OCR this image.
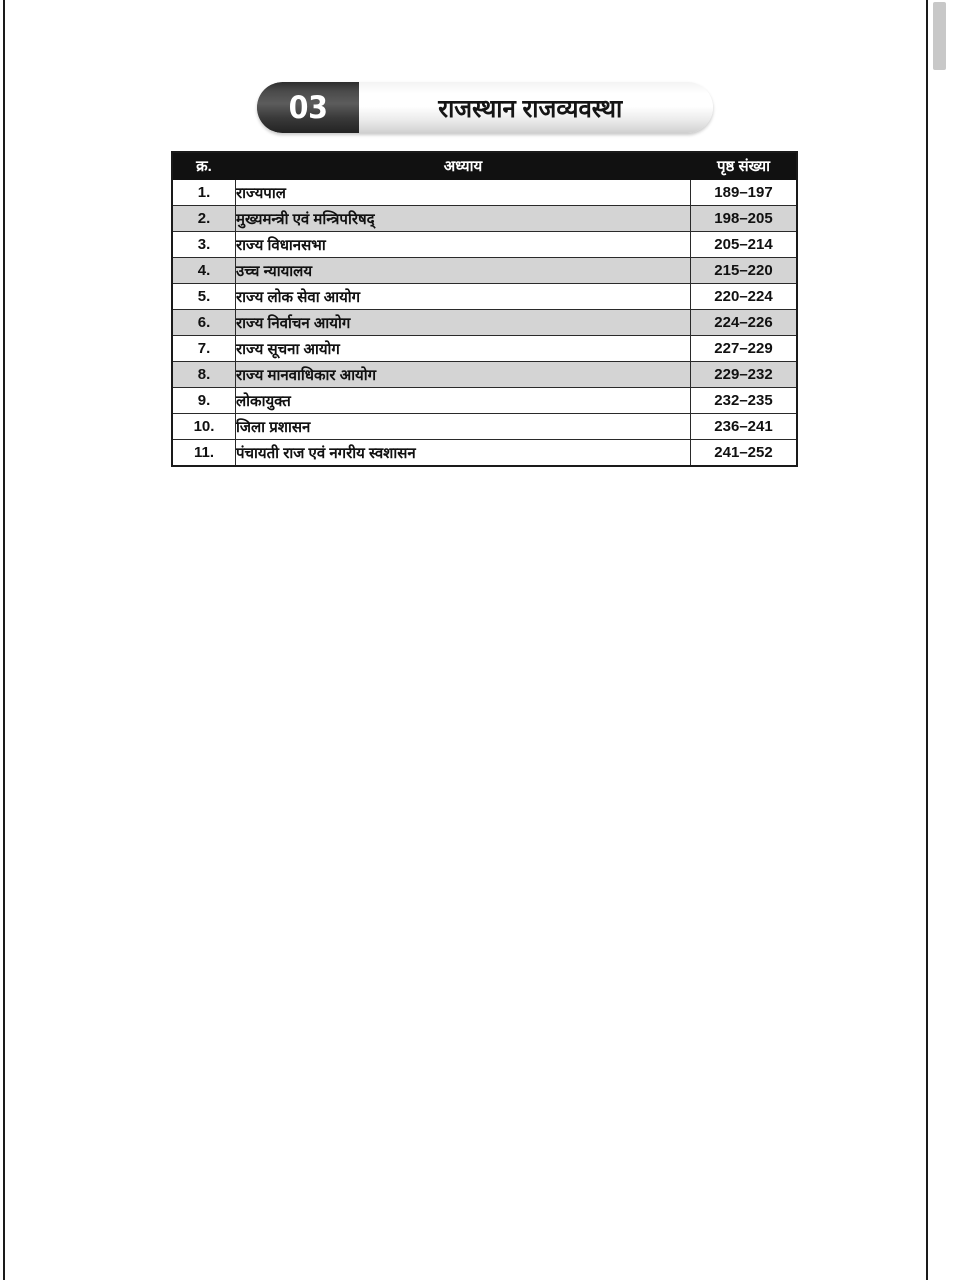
03	राजस्थान राजव्यवस्था
क्र.	अध्याय	पृष्ठ संख्या
1.	राज्यपाल	189–197
2.	मुख्यमन्त्री एवं मन्त्रिपरिषद्	198–205
3.	राज्य विधानसभा	205–214
4.	उच्च न्यायालय	215–220
5.	राज्य लोक सेवा आयोग	220–224
6.	राज्य निर्वाचन आयोग	224–226
7.	राज्य सूचना आयोग	227–229
8.	राज्य मानवाधिकार आयोग	229–232
9.	लोकायुक्त	232–235
10.	जिला प्रशासन	236–241
11.	पंचायती राज एवं नगरीय स्वशासन	241–252
